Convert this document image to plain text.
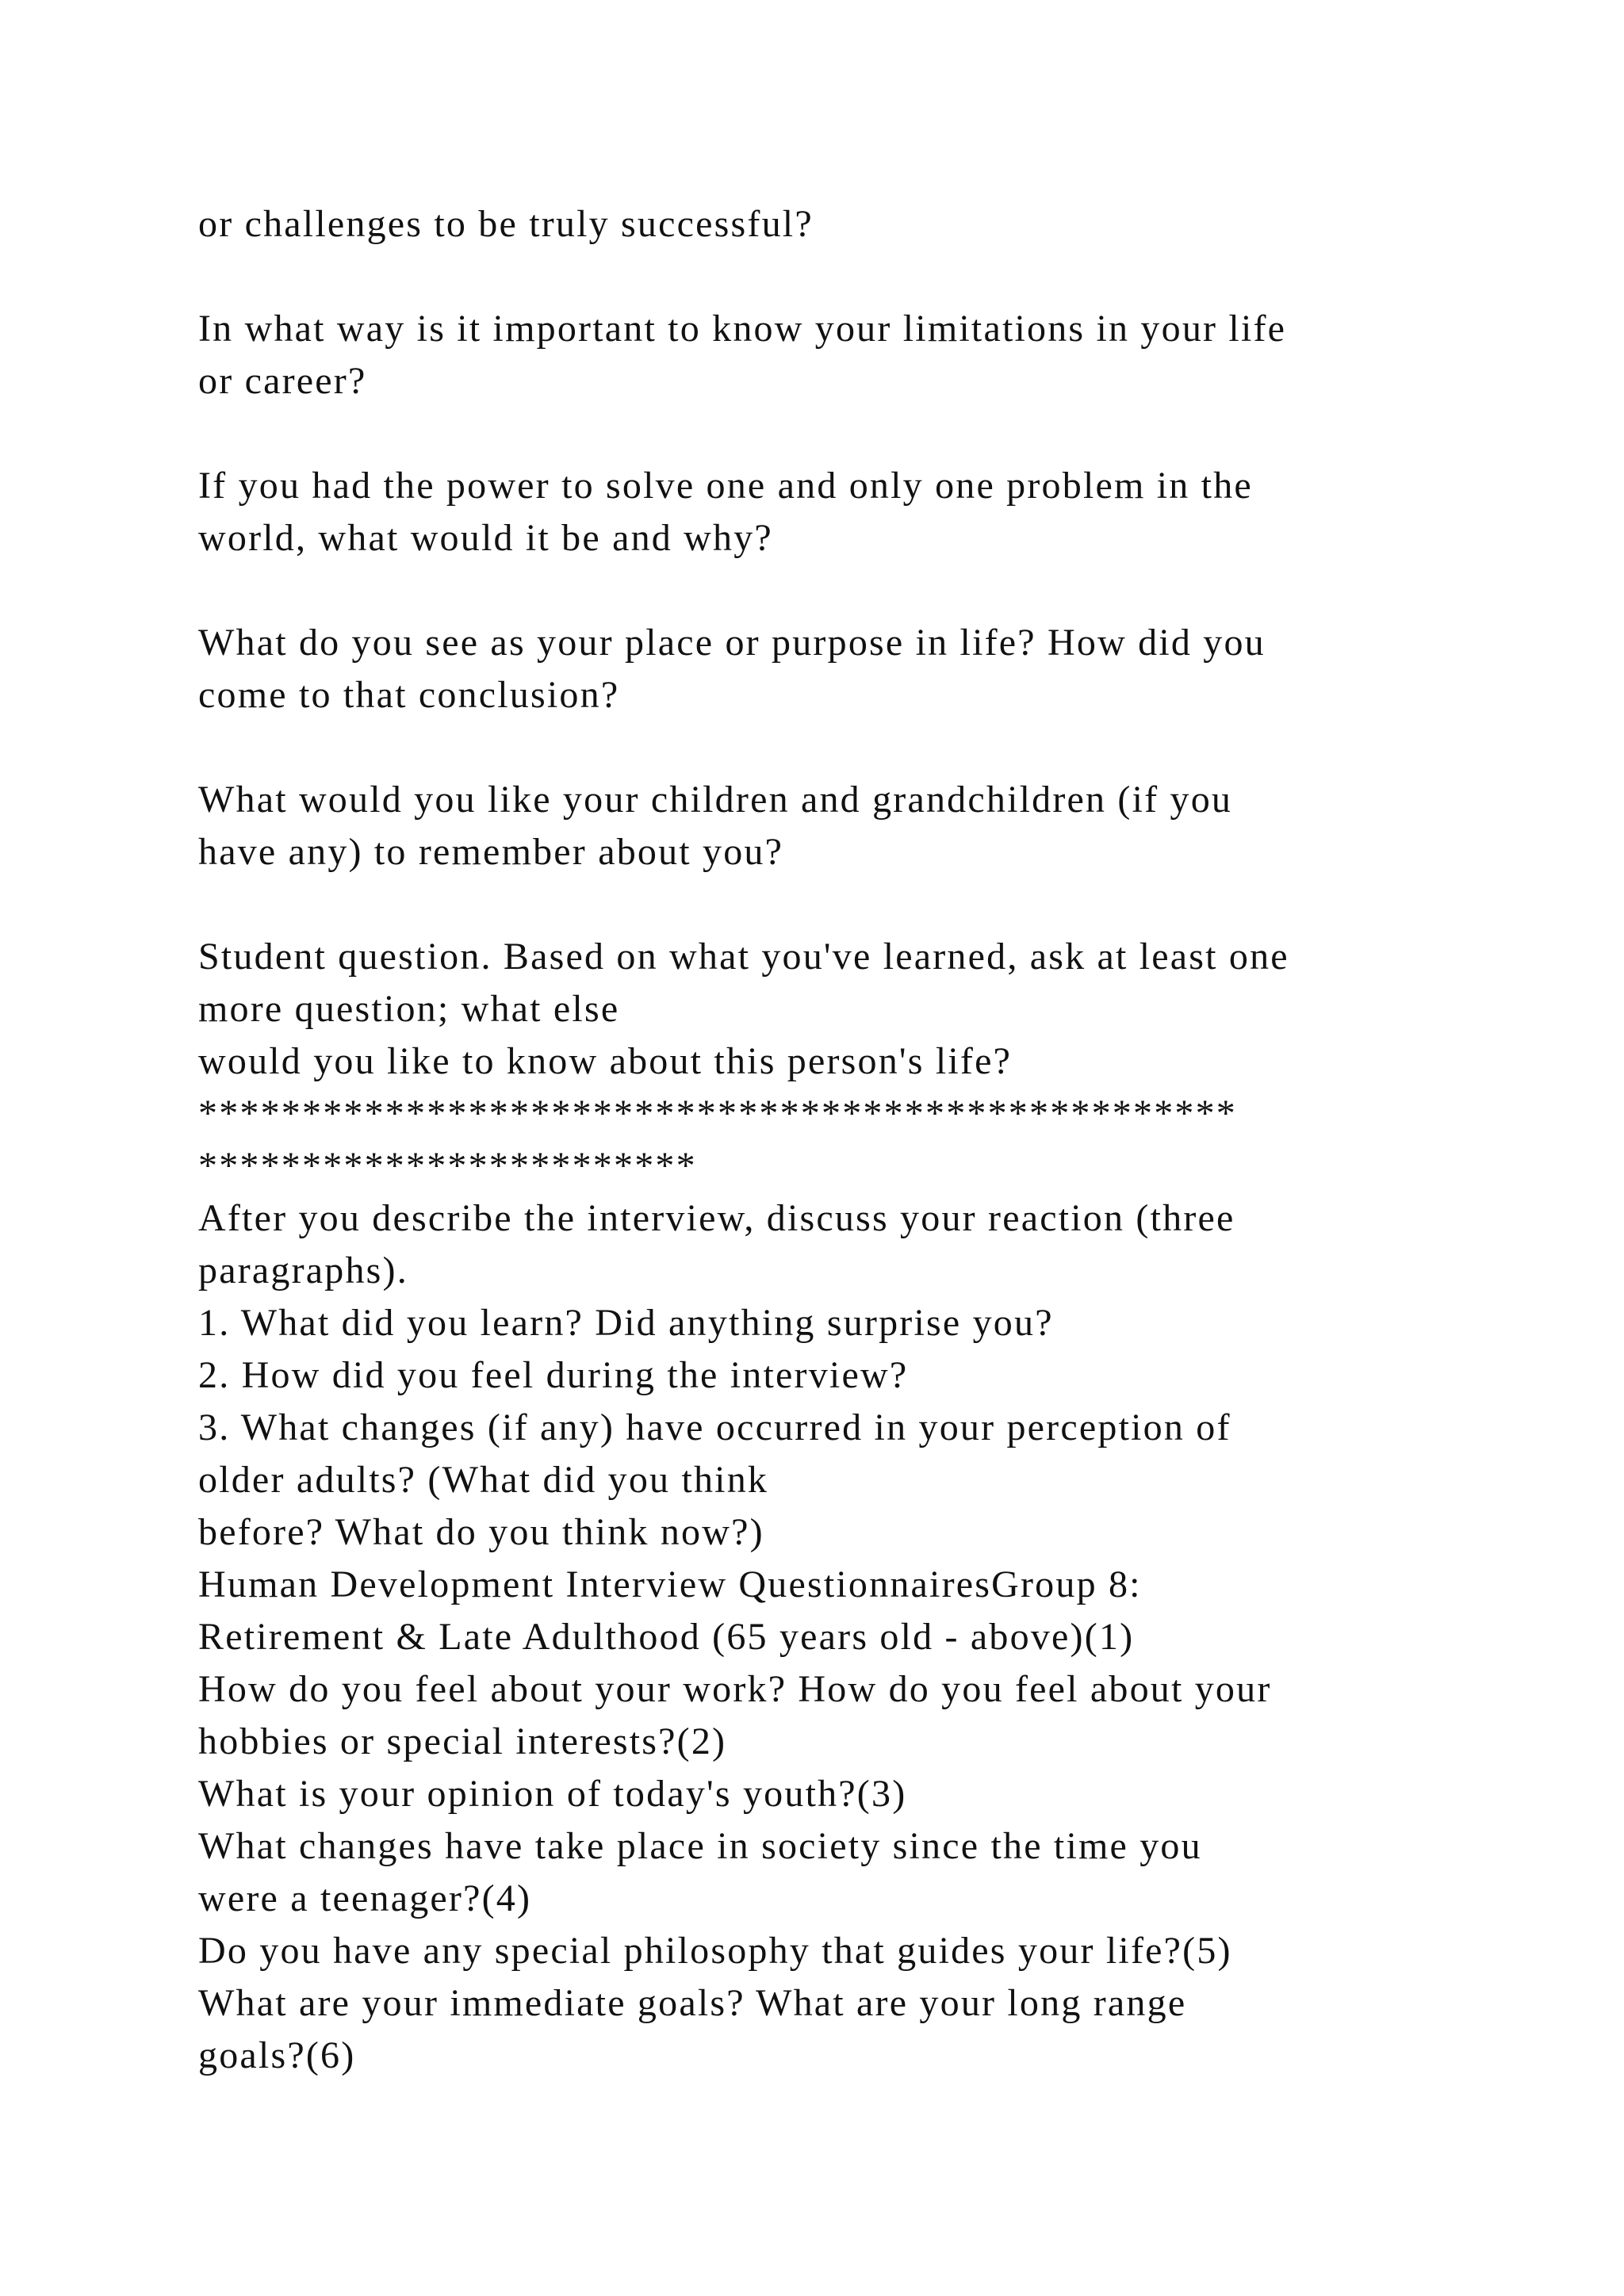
or challenges to be truly successful?
In what way is it important to know your limitations in your life
or career?
If you had the power to solve one and only one problem in the
world, what would it be and why?
What do you see as your place or purpose in life? How did you
come to that conclusion?
What would you like your children and grandchildren (if you
have any) to remember about you?
Student question. Based on what you've learned, ask at least one
more question; what else
would you like to know about this person's life?
**************************************************
************************
After you describe the interview, discuss your reaction (three
paragraphs).
1. What did you learn? Did anything surprise you?
2. How did you feel during the interview?
3. What changes (if any) have occurred in your perception of
older adults? (What did you think
before? What do you think now?)
Human Development Interview QuestionnairesGroup 8:
Retirement & Late Adulthood (65 years old - above)(1)
How do you feel about your work? How do you feel about your
hobbies or special interests?(2)
What is your opinion of today's youth?(3)
What changes have take place in society since the time you
were a teenager?(4)
Do you have any special philosophy that guides your life?(5)
What are your immediate goals? What are your long range
goals?(6)
